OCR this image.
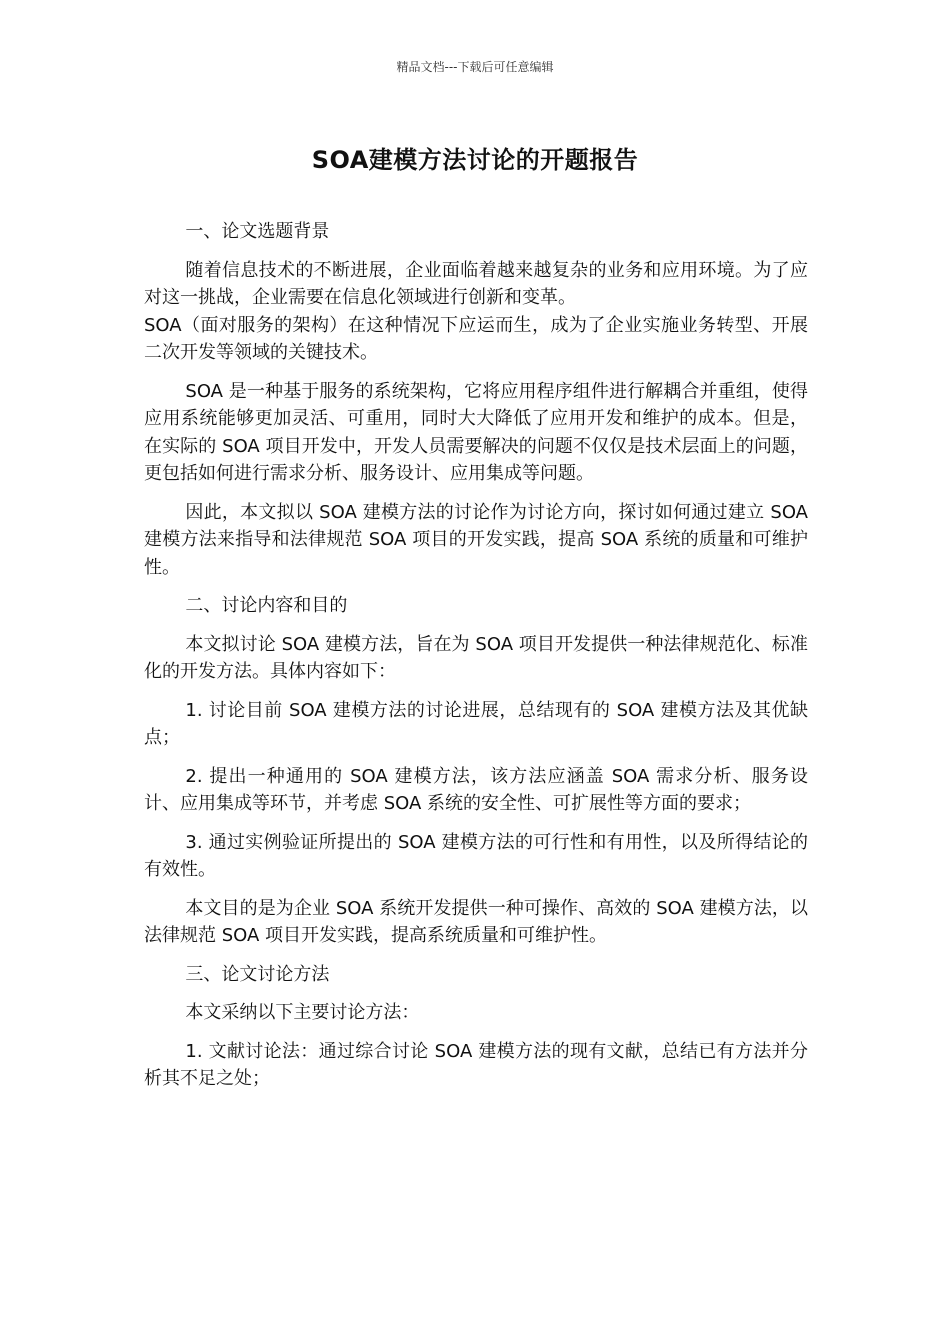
精品文档---下载后可任意编辑
SOA建模方法讨论的开题报告

一、论文选题背景

随着信息技术的不断进展，企业面临着越来越复杂的业务和应用环境。为了应对这一挑战，企业需要在信息化领域进行创新和变革。

SOA（面对服务的架构）在这种情况下应运而生，成为了企业实施业务转型、开展二次开发等领域的关键技术。

SOA 是一种基于服务的系统架构，它将应用程序组件进行解耦合并重组，使得应用系统能够更加灵活、可重用，同时大大降低了应用开发和维护的成本。但是，在实际的 SOA 项目开发中，开发人员需要解决的问题不仅仅是技术层面上的问题，更包括如何进行需求分析、服务设计、应用集成等问题。

因此，本文拟以 SOA 建模方法的讨论作为讨论方向，探讨如何通过建立 SOA 建模方法来指导和法律规范 SOA 项目的开发实践，提高 SOA 系统的质量和可维护性。

二、讨论内容和目的

本文拟讨论 SOA 建模方法，旨在为 SOA 项目开发提供一种法律规范化、标准化的开发方法。具体内容如下：

1. 讨论目前 SOA 建模方法的讨论进展，总结现有的 SOA 建模方法及其优缺点；

2. 提出一种通用的 SOA 建模方法，该方法应涵盖 SOA 需求分析、服务设计、应用集成等环节，并考虑 SOA 系统的安全性、可扩展性等方面的要求；

3. 通过实例验证所提出的 SOA 建模方法的可行性和有用性，以及所得结论的有效性。

本文目的是为企业 SOA 系统开发提供一种可操作、高效的 SOA 建模方法，以法律规范 SOA 项目开发实践，提高系统质量和可维护性。

三、论文讨论方法

本文采纳以下主要讨论方法：

1. 文献讨论法：通过综合讨论 SOA 建模方法的现有文献，总结已有方法并分析其不足之处；
